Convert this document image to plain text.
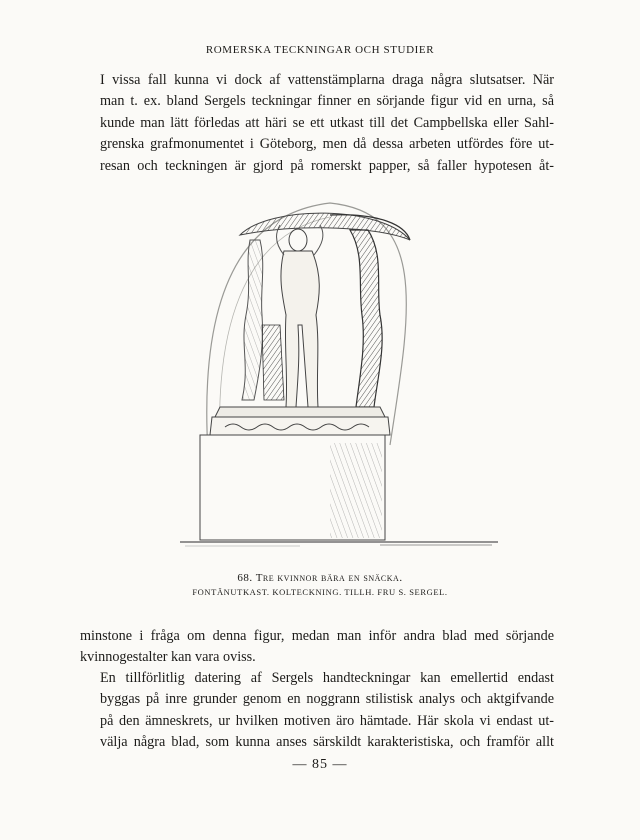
ROMERSKA TECKNINGAR OCH STUDIER
I vissa fall kunna vi dock af vattenstämplarna draga några slutsatser. När
man t. ex. bland Sergels teckningar finner en sörjande figur vid en urna, så
kunde man lätt förledas att häri se ett utkast till det Campbellska eller Sahl-
grenska grafmonumentet i Göteborg, men då dessa arbeten utfördes före ut-
resan och teckningen är gjord på romerskt papper, så faller hypotesen åt-
68. Tre kvinnor bära en snäcka.
FONTÄNUTKAST. KOLTECKNING. TILLH. FRU S. SERGEL.
minstone i fråga om denna figur, medan man inför andra blad med sörjande
kvinnogestalter kan vara oviss.
En tillförlitlig datering af Sergels handteckningar kan emellertid endast
byggas på inre grunder genom en noggrann stilistisk analys och aktgifvande
på den ämneskrets, ur hvilken motiven äro hämtade. Här skola vi endast ut-
välja några blad, som kunna anses särskildt karakteristiska, och framför allt
— 85 —
